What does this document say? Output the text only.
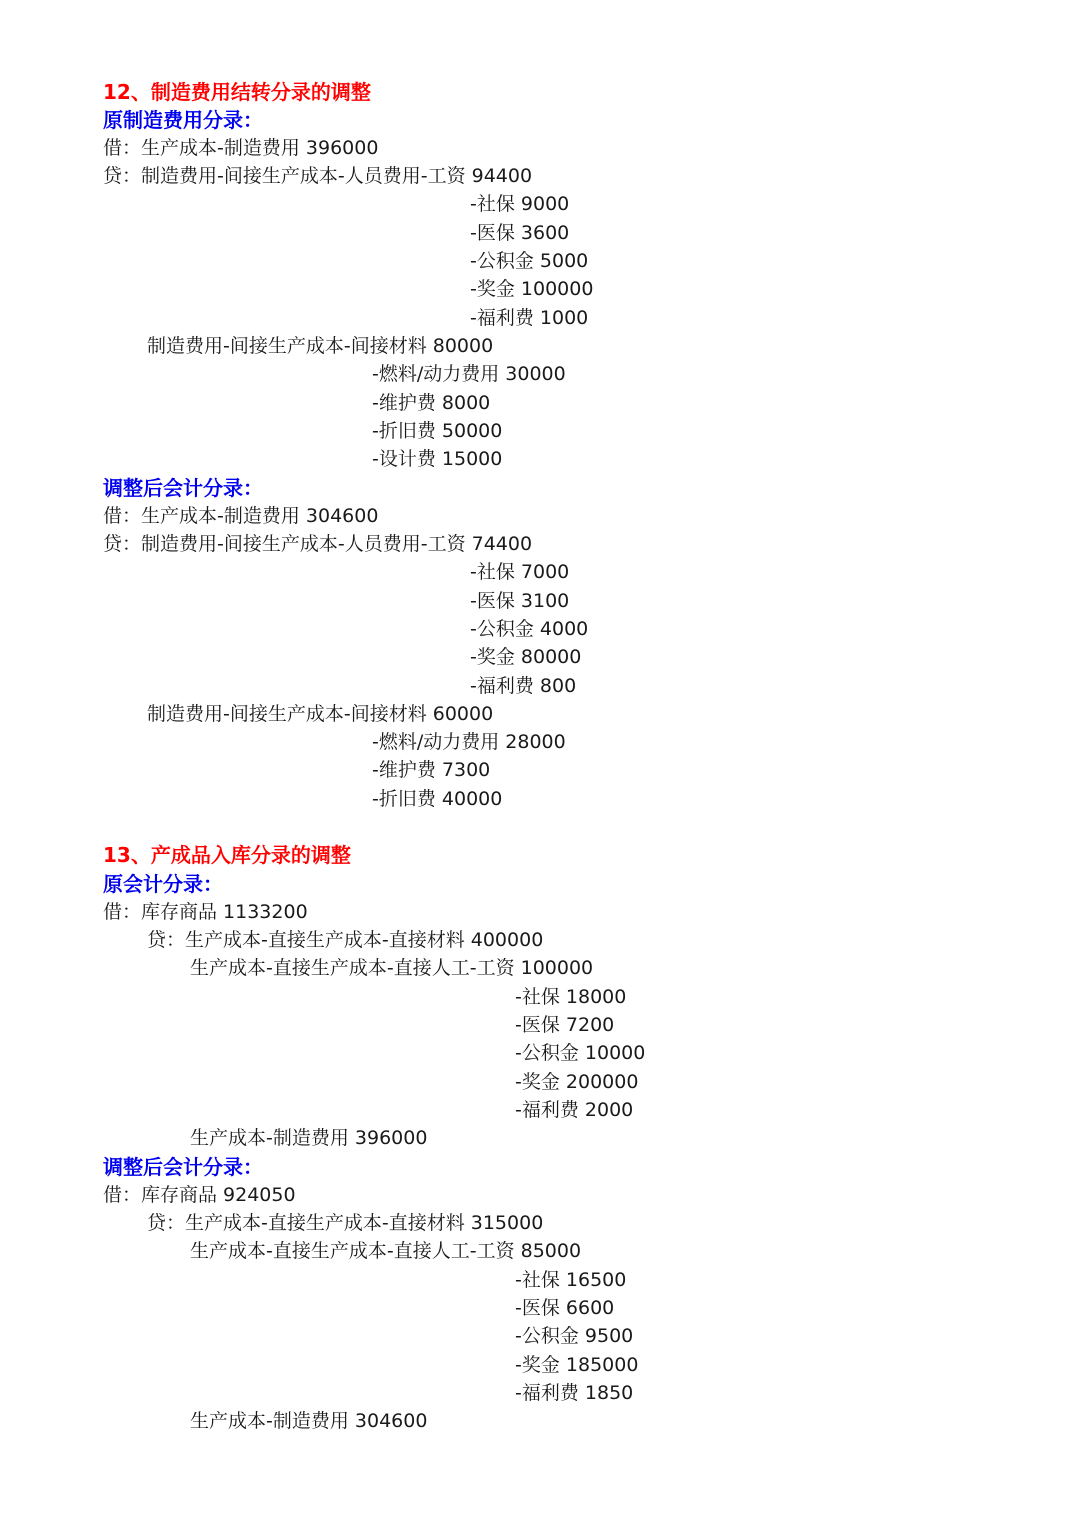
12、制造费用结转分录的调整
原制造费用分录：
借：生产成本-制造费用 396000
贷：制造费用-间接生产成本-人员费用-工资 94400
-社保 9000
-医保 3600
-公积金 5000
-奖金 100000
-福利费 1000
制造费用-间接生产成本-间接材料 80000
-燃料/动力费用 30000
-维护费 8000
-折旧费 50000
-设计费 15000
调整后会计分录：
借：生产成本-制造费用 304600
贷：制造费用-间接生产成本-人员费用-工资 74400
-社保 7000
-医保 3100
-公积金 4000
-奖金 80000
-福利费 800
制造费用-间接生产成本-间接材料 60000
-燃料/动力费用 28000
-维护费 7300
-折旧费 40000
13、产成品入库分录的调整
原会计分录：
借：库存商品 1133200
贷：生产成本-直接生产成本-直接材料 400000
生产成本-直接生产成本-直接人工-工资 100000
-社保 18000
-医保 7200
-公积金 10000
-奖金 200000
-福利费 2000
生产成本-制造费用 396000
调整后会计分录：
借：库存商品 924050
贷：生产成本-直接生产成本-直接材料 315000
生产成本-直接生产成本-直接人工-工资 85000
-社保 16500
-医保 6600
-公积金 9500
-奖金 185000
-福利费 1850
生产成本-制造费用 304600
